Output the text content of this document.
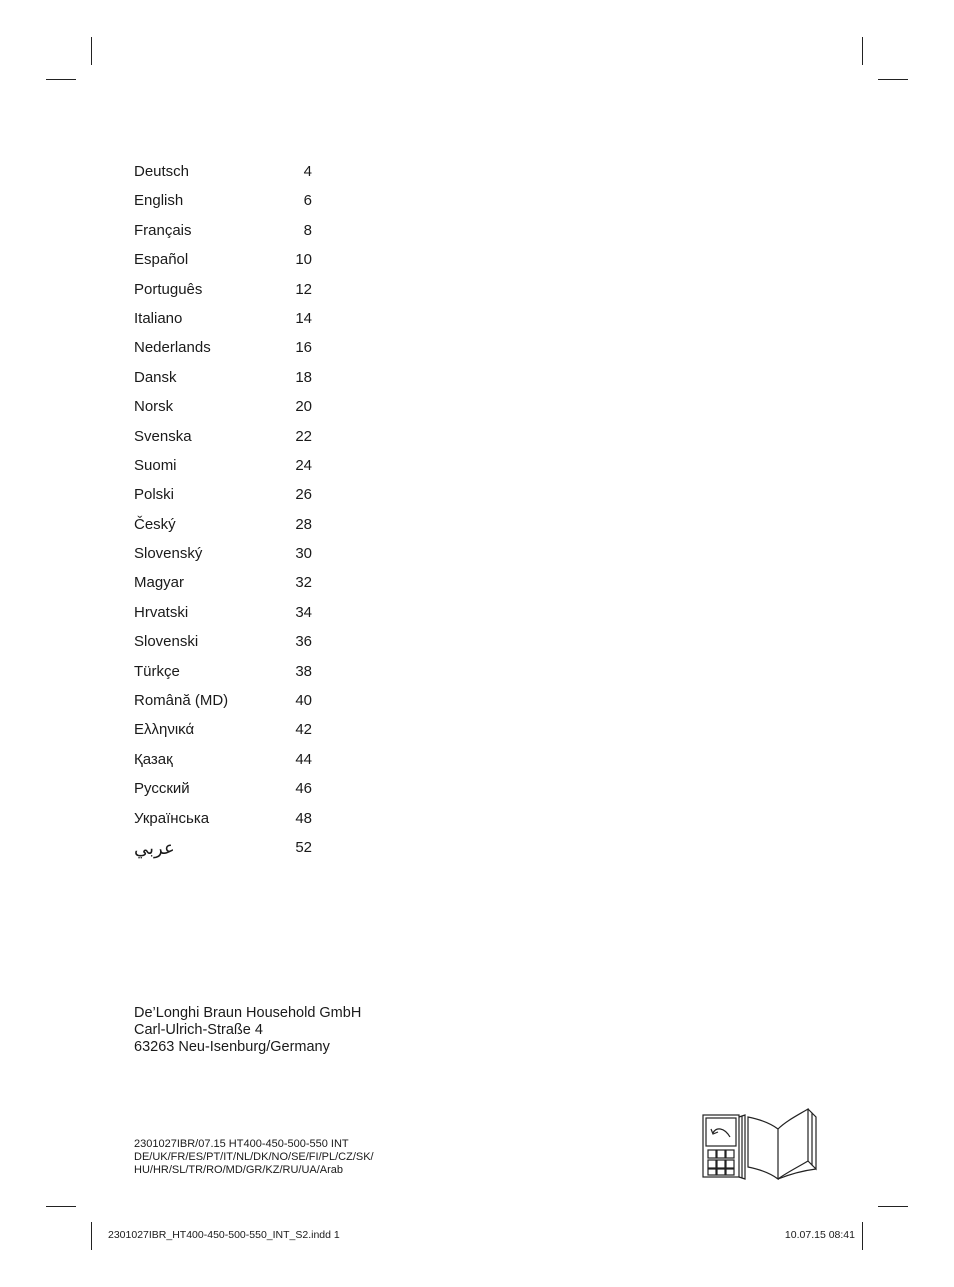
Deutsch	4
English	6
Français	8
Español	10
Português	12
Italiano	14
Nederlands	16
Dansk	18
Norsk	20
Svenska	22
Suomi	24
Polski	26
Český	28
Slovenský	30
Magyar	32
Hrvatski	34
Slovenski	36
Türkçe	38
Română (MD)	40
Ελληνικά	42
Қазақ	44
Русский	46
Українська	48
عربي	52
De’Longhi Braun Household GmbH
Carl-Ulrich-Straße 4
63263 Neu-Isenburg/Germany
2301027IBR/07.15 HT400-450-500-550 INT
DE/UK/FR/ES/PT/IT/NL/DK/NO/SE/FI/PL/CZ/SK/
HU/HR/SL/TR/RO/MD/GR/KZ/RU/UA/Arab
2301027IBR_HT400-450-500-550_INT_S2.indd 1	10.07.15 08:41
